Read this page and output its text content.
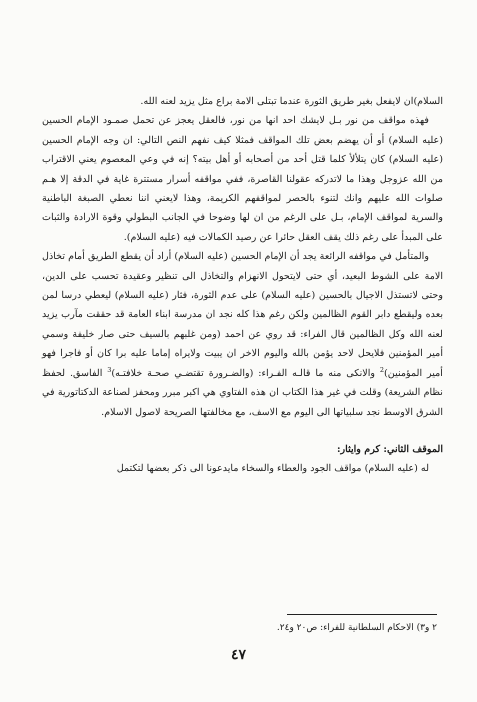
السلام)ان لايفعل بغير طريق الثورة عندما تبتلى الامة براع مثل يزيد لعنه الله.

فهذه مواقف من نور بـل لايشك احد انها من نور، فالعقل يعجز عن تحمل صمـود الإمام الحسين (عليه السلام) أو أن يهضم بعض تلك المواقف فمثلا كيف نفهم النص التالي: ان وجه الإمام الحسين (عليه السلام) كان يتلألأ كلما قتل أحد من أصحابه أو أهل بيته؟ إنه في وعي المعصوم يعني الاقتراب من الله عزوجل وهذا ما لاتدركه عقولنا القاصرة، ففي مواقفه أسرار مستترة غاية في الدقة إلا هـم صلوات الله عليهم وانك لتنوء بالحصر لمواقفهم الكريمة، وهذا لايعني اننا نعطي الصبغة الباطنية والسرية لمواقف الإمام، بـل على الرغم من ان لها وضوحا في الجانب البطولي وقوة الارادة والثبات على المبدأ على رغم ذلك يقف العقل حائرا عن رصيد الكمالات فيه (عليه السلام).

والمتأمل في مواقفه الرائعة يجد أن الإمام الحسين (عليه السلام) أراد أن يقطع الطريق أمام تخاذل الامة على الشوط البعيد، أي حتى لايتحول الانهزام والتخاذل الى تنظير وعقيدة تحسب على الدين، وحتى لاتستذل الاجيال بالحسين (عليه السلام) على عدم الثورة، فثار (عليه السلام) ليعطي درسا لمن بعده وليقطع دابر القوم الظالمين ولكن رغم هذا كله نجد ان مدرسة ابناء العامة قد حققت مآرب يزيد لعنه الله وكل الظالمين قال الفراء: قد روي عن احمد (ومن غلبهم بالسيف حتى صار خليفة وسمي أمير المؤمنين فلايحل لاحد يؤمن بالله واليوم الاخر ان يبيت ولايراه إماما عليه برا كان أو فاجرا فهو أمير المؤمنين)$^2$ والانكى منه ما قالـه الفـراء: (والضـرورة تقتضـي صحـة خلافتـه)$^3$ الفاسق. لحفظ نظام الشريعة) وقلت في غير هذا الكتاب ان هذه الفتاوي هي اكبر مبرر ومحفز لصناعة الدكتاتورية في الشرق الاوسط نجد سلبياتها الى اليوم مع الاسف، مع مخالفتها الصريحة لاصول الاسلام.

الموقف الثاني: كرم وايثار:

له (عليه السلام) مواقف الجود والعطاء والسخاء مايدعونا الى ذكر بعضها لتكتمل

٢ و٣) الاحكام السلطانية للفراء: ص٢٠ و٢٤.
٤٧
